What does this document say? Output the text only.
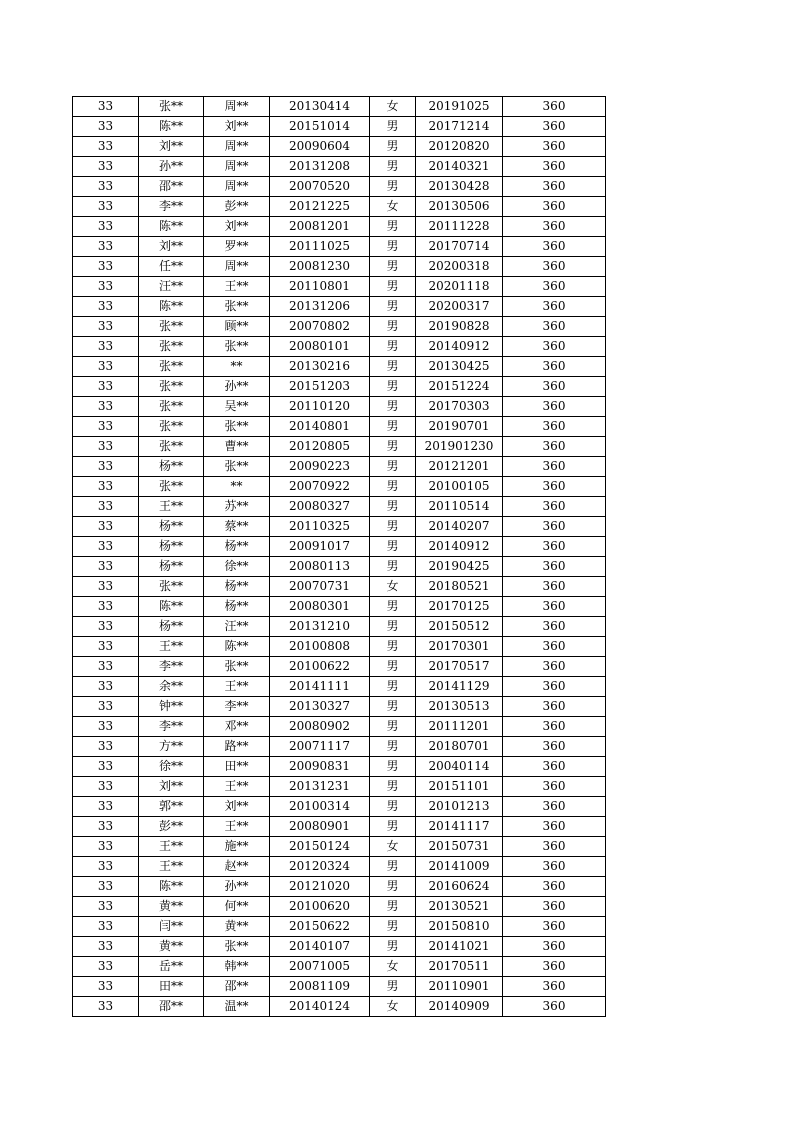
33	张**	周**	20130414	女	20191025	360
33	陈**	刘**	20151014	男	20171214	360
33	刘**	周**	20090604	男	20120820	360
33	孙**	周**	20131208	男	20140321	360
33	邵**	周**	20070520	男	20130428	360
33	李**	彭**	20121225	女	20130506	360
33	陈**	刘**	20081201	男	20111228	360
33	刘**	罗**	20111025	男	20170714	360
33	任**	周**	20081230	男	20200318	360
33	汪**	王**	20110801	男	20201118	360
33	陈**	张**	20131206	男	20200317	360
33	张**	顾**	20070802	男	20190828	360
33	张**	张**	20080101	男	20140912	360
33	张**	**	20130216	男	20130425	360
33	张**	孙**	20151203	男	20151224	360
33	张**	吴**	20110120	男	20170303	360
33	张**	张**	20140801	男	20190701	360
33	张**	曹**	20120805	男	201901230	360
33	杨**	张**	20090223	男	20121201	360
33	张**	**	20070922	男	20100105	360
33	王**	苏**	20080327	男	20110514	360
33	杨**	蔡**	20110325	男	20140207	360
33	杨**	杨**	20091017	男	20140912	360
33	杨**	徐**	20080113	男	20190425	360
33	张**	杨**	20070731	女	20180521	360
33	陈**	杨**	20080301	男	20170125	360
33	杨**	汪**	20131210	男	20150512	360
33	王**	陈**	20100808	男	20170301	360
33	李**	张**	20100622	男	20170517	360
33	余**	王**	20141111	男	20141129	360
33	钟**	李**	20130327	男	20130513	360
33	李**	邓**	20080902	男	20111201	360
33	方**	路**	20071117	男	20180701	360
33	徐**	田**	20090831	男	20040114	360
33	刘**	王**	20131231	男	20151101	360
33	郭**	刘**	20100314	男	20101213	360
33	彭**	王**	20080901	男	20141117	360
33	王**	施**	20150124	女	20150731	360
33	王**	赵**	20120324	男	20141009	360
33	陈**	孙**	20121020	男	20160624	360
33	黄**	何**	20100620	男	20130521	360
33	闫**	黄**	20150622	男	20150810	360
33	黄**	张**	20140107	男	20141021	360
33	岳**	韩**	20071005	女	20170511	360
33	田**	邵**	20081109	男	20110901	360
33	邵**	温**	20140124	女	20140909	360
